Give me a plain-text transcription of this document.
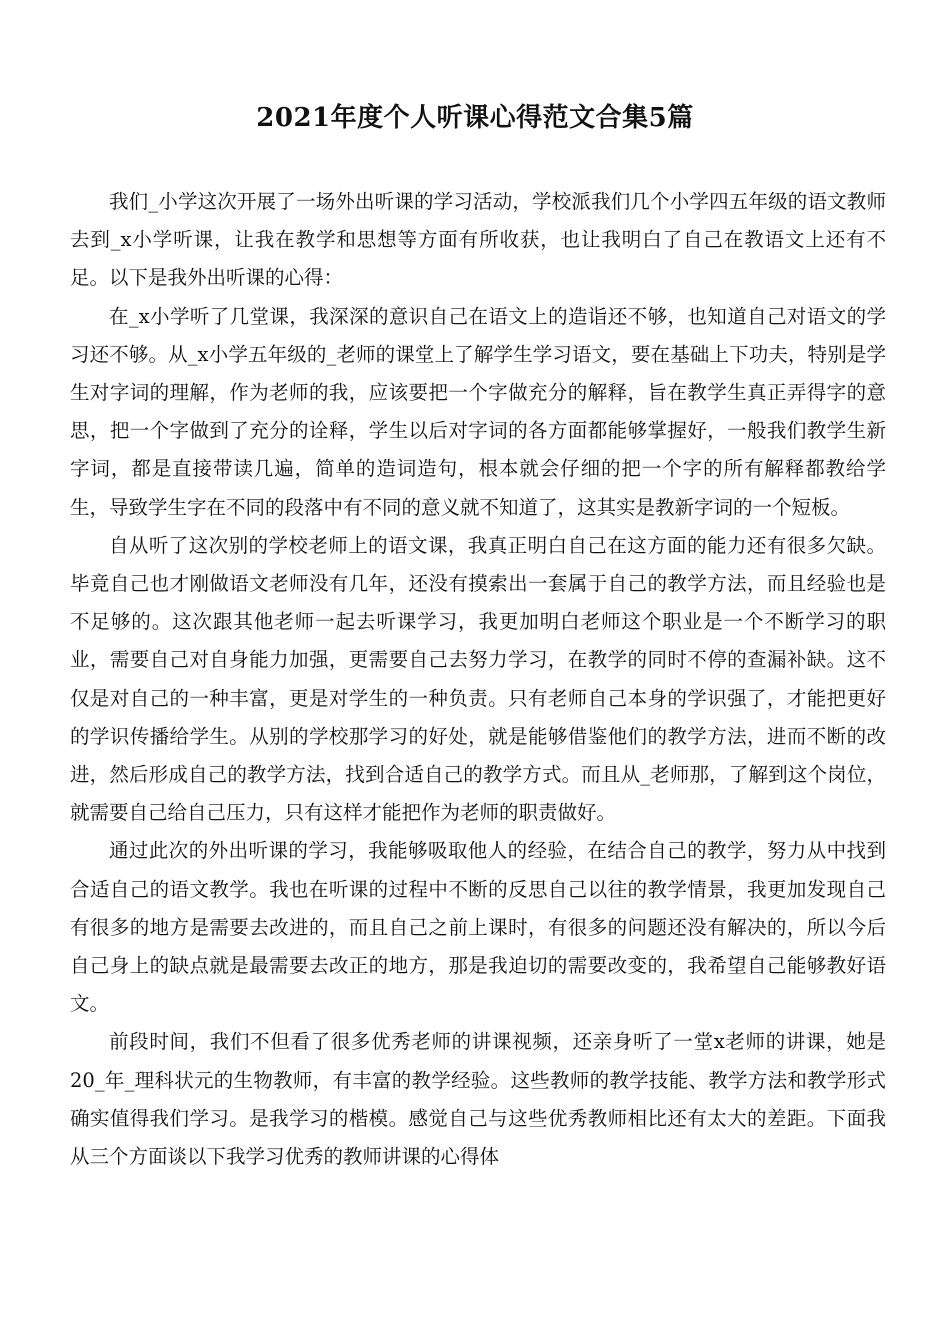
2021年度个人听课心得范文合集5篇

我们_小学这次开展了一场外出听课的学习活动，学校派我们几个小学四五年级的语文教师去到_x小学听课，让我在教学和思想等方面有所收获，也让我明白了自己在教语文上还有不足。以下是我外出听课的心得：

在_x小学听了几堂课，我深深的意识自己在语文上的造诣还不够，也知道自己对语文的学习还不够。从_x小学五年级的_老师的课堂上了解学生学习语文，要在基础上下功夫，特别是学生对字词的理解，作为老师的我，应该要把一个字做充分的解释，旨在教学生真正弄得字的意思，把一个字做到了充分的诠释，学生以后对字词的各方面都能够掌握好，一般我们教学生新字词，都是直接带读几遍，简单的造词造句，根本就会仔细的把一个字的所有解释都教给学生，导致学生字在不同的段落中有不同的意义就不知道了，这其实是教新字词的一个短板。

自从听了这次别的学校老师上的语文课，我真正明白自己在这方面的能力还有很多欠缺。毕竟自己也才刚做语文老师没有几年，还没有摸索出一套属于自己的教学方法，而且经验也是不足够的。这次跟其他老师一起去听课学习，我更加明白老师这个职业是一个不断学习的职业，需要自己对自身能力加强，更需要自己去努力学习，在教学的同时不停的查漏补缺。这不仅是对自己的一种丰富，更是对学生的一种负责。只有老师自己本身的学识强了，才能把更好的学识传播给学生。从别的学校那学习的好处，就是能够借鉴他们的教学方法，进而不断的改进，然后形成自己的教学方法，找到合适自己的教学方式。而且从_老师那，了解到这个岗位，就需要自己给自己压力，只有这样才能把作为老师的职责做好。

通过此次的外出听课的学习，我能够吸取他人的经验，在结合自己的教学，努力从中找到合适自己的语文教学。我也在听课的过程中不断的反思自己以往的教学情景，我更加发现自己有很多的地方是需要去改进的，而且自己之前上课时，有很多的问题还没有解决的，所以今后自己身上的缺点就是最需要去改正的地方，那是我迫切的需要改变的，我希望自己能够教好语文。

前段时间，我们不但看了很多优秀老师的讲课视频，还亲身听了一堂x老师的讲课，她是20_年_理科状元的生物教师，有丰富的教学经验。这些教师的教学技能、教学方法和教学形式确实值得我们学习。是我学习的楷模。感觉自己与这些优秀教师相比还有太大的差距。下面我从三个方面谈以下我学习优秀的教师讲课的心得体
